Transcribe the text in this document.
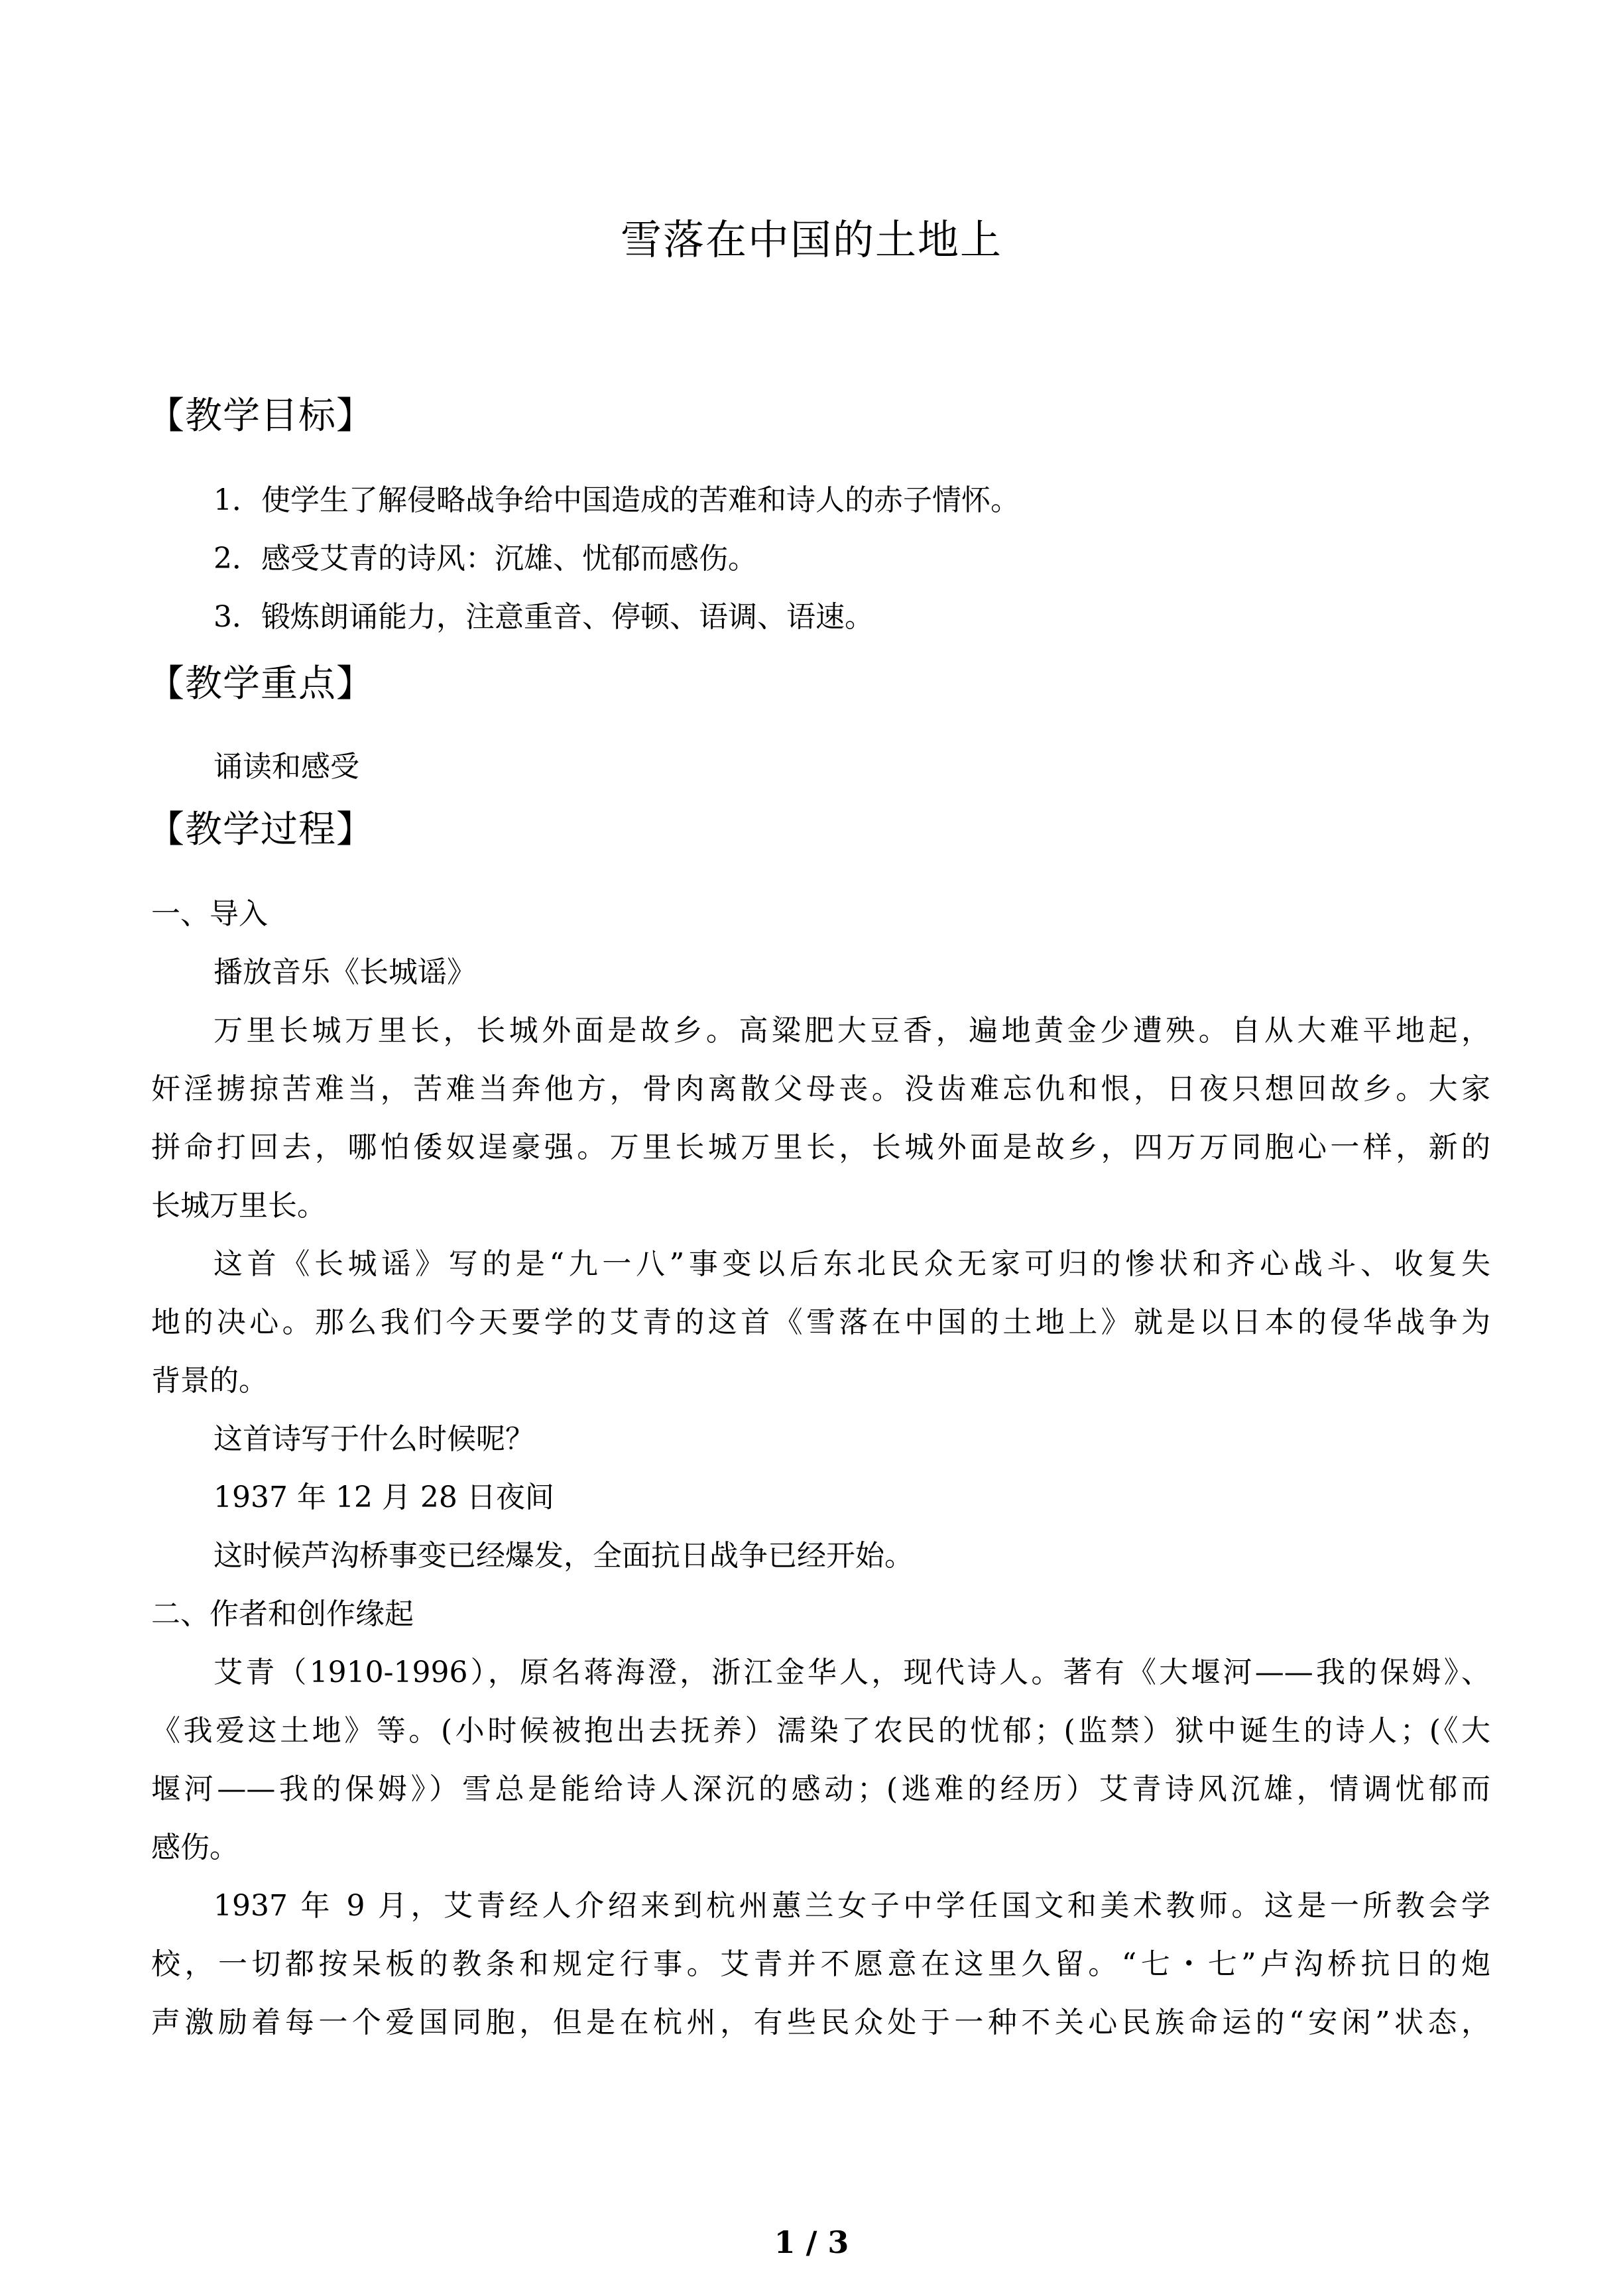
雪落在中国的土地上
【教学目标】
1．使学生了解侵略战争给中国造成的苦难和诗人的赤子情怀。
2．感受艾青的诗风：沉雄、忧郁而感伤。
3．锻炼朗诵能力，注意重音、停顿、语调、语速。
【教学重点】
诵读和感受
【教学过程】
一、导入
播放音乐《长城谣》
万里长城万里长，长城外面是故乡。高粱肥大豆香，遍地黄金少遭殃。自从大难平地起，
奸淫掳掠苦难当，苦难当奔他方，骨肉离散父母丧。没齿难忘仇和恨，日夜只想回故乡。大家
拼命打回去，哪怕倭奴逞豪强。万里长城万里长，长城外面是故乡，四万万同胞心一样，新的
长城万里长。
这首《长城谣》写的是“九一八”事变以后东北民众无家可归的惨状和齐心战斗、收复失
地的决心。那么我们今天要学的艾青的这首《雪落在中国的土地上》就是以日本的侵华战争为
背景的。
这首诗写于什么时候呢？
1937 年 12 月 28 日夜间
这时候芦沟桥事变已经爆发，全面抗日战争已经开始。
二、作者和创作缘起
艾青（1910-1996），原名蒋海澄，浙江金华人，现代诗人。著有《大堰河——我的保姆》、
《我爱这土地》等。(小时候被抱出去抚养）濡染了农民的忧郁；(监禁）狱中诞生的诗人；(《大
堰河——我的保姆》）雪总是能给诗人深沉的感动；(逃难的经历）艾青诗风沉雄，情调忧郁而
感伤。
1937 年 9 月，艾青经人介绍来到杭州蕙兰女子中学任国文和美术教师。这是一所教会学
校，一切都按呆板的教条和规定行事。艾青并不愿意在这里久留。“七・七”卢沟桥抗日的炮
声激励着每一个爱国同胞，但是在杭州，有些民众处于一种不关心民族命运的“安闲”状态，
1 / 3
